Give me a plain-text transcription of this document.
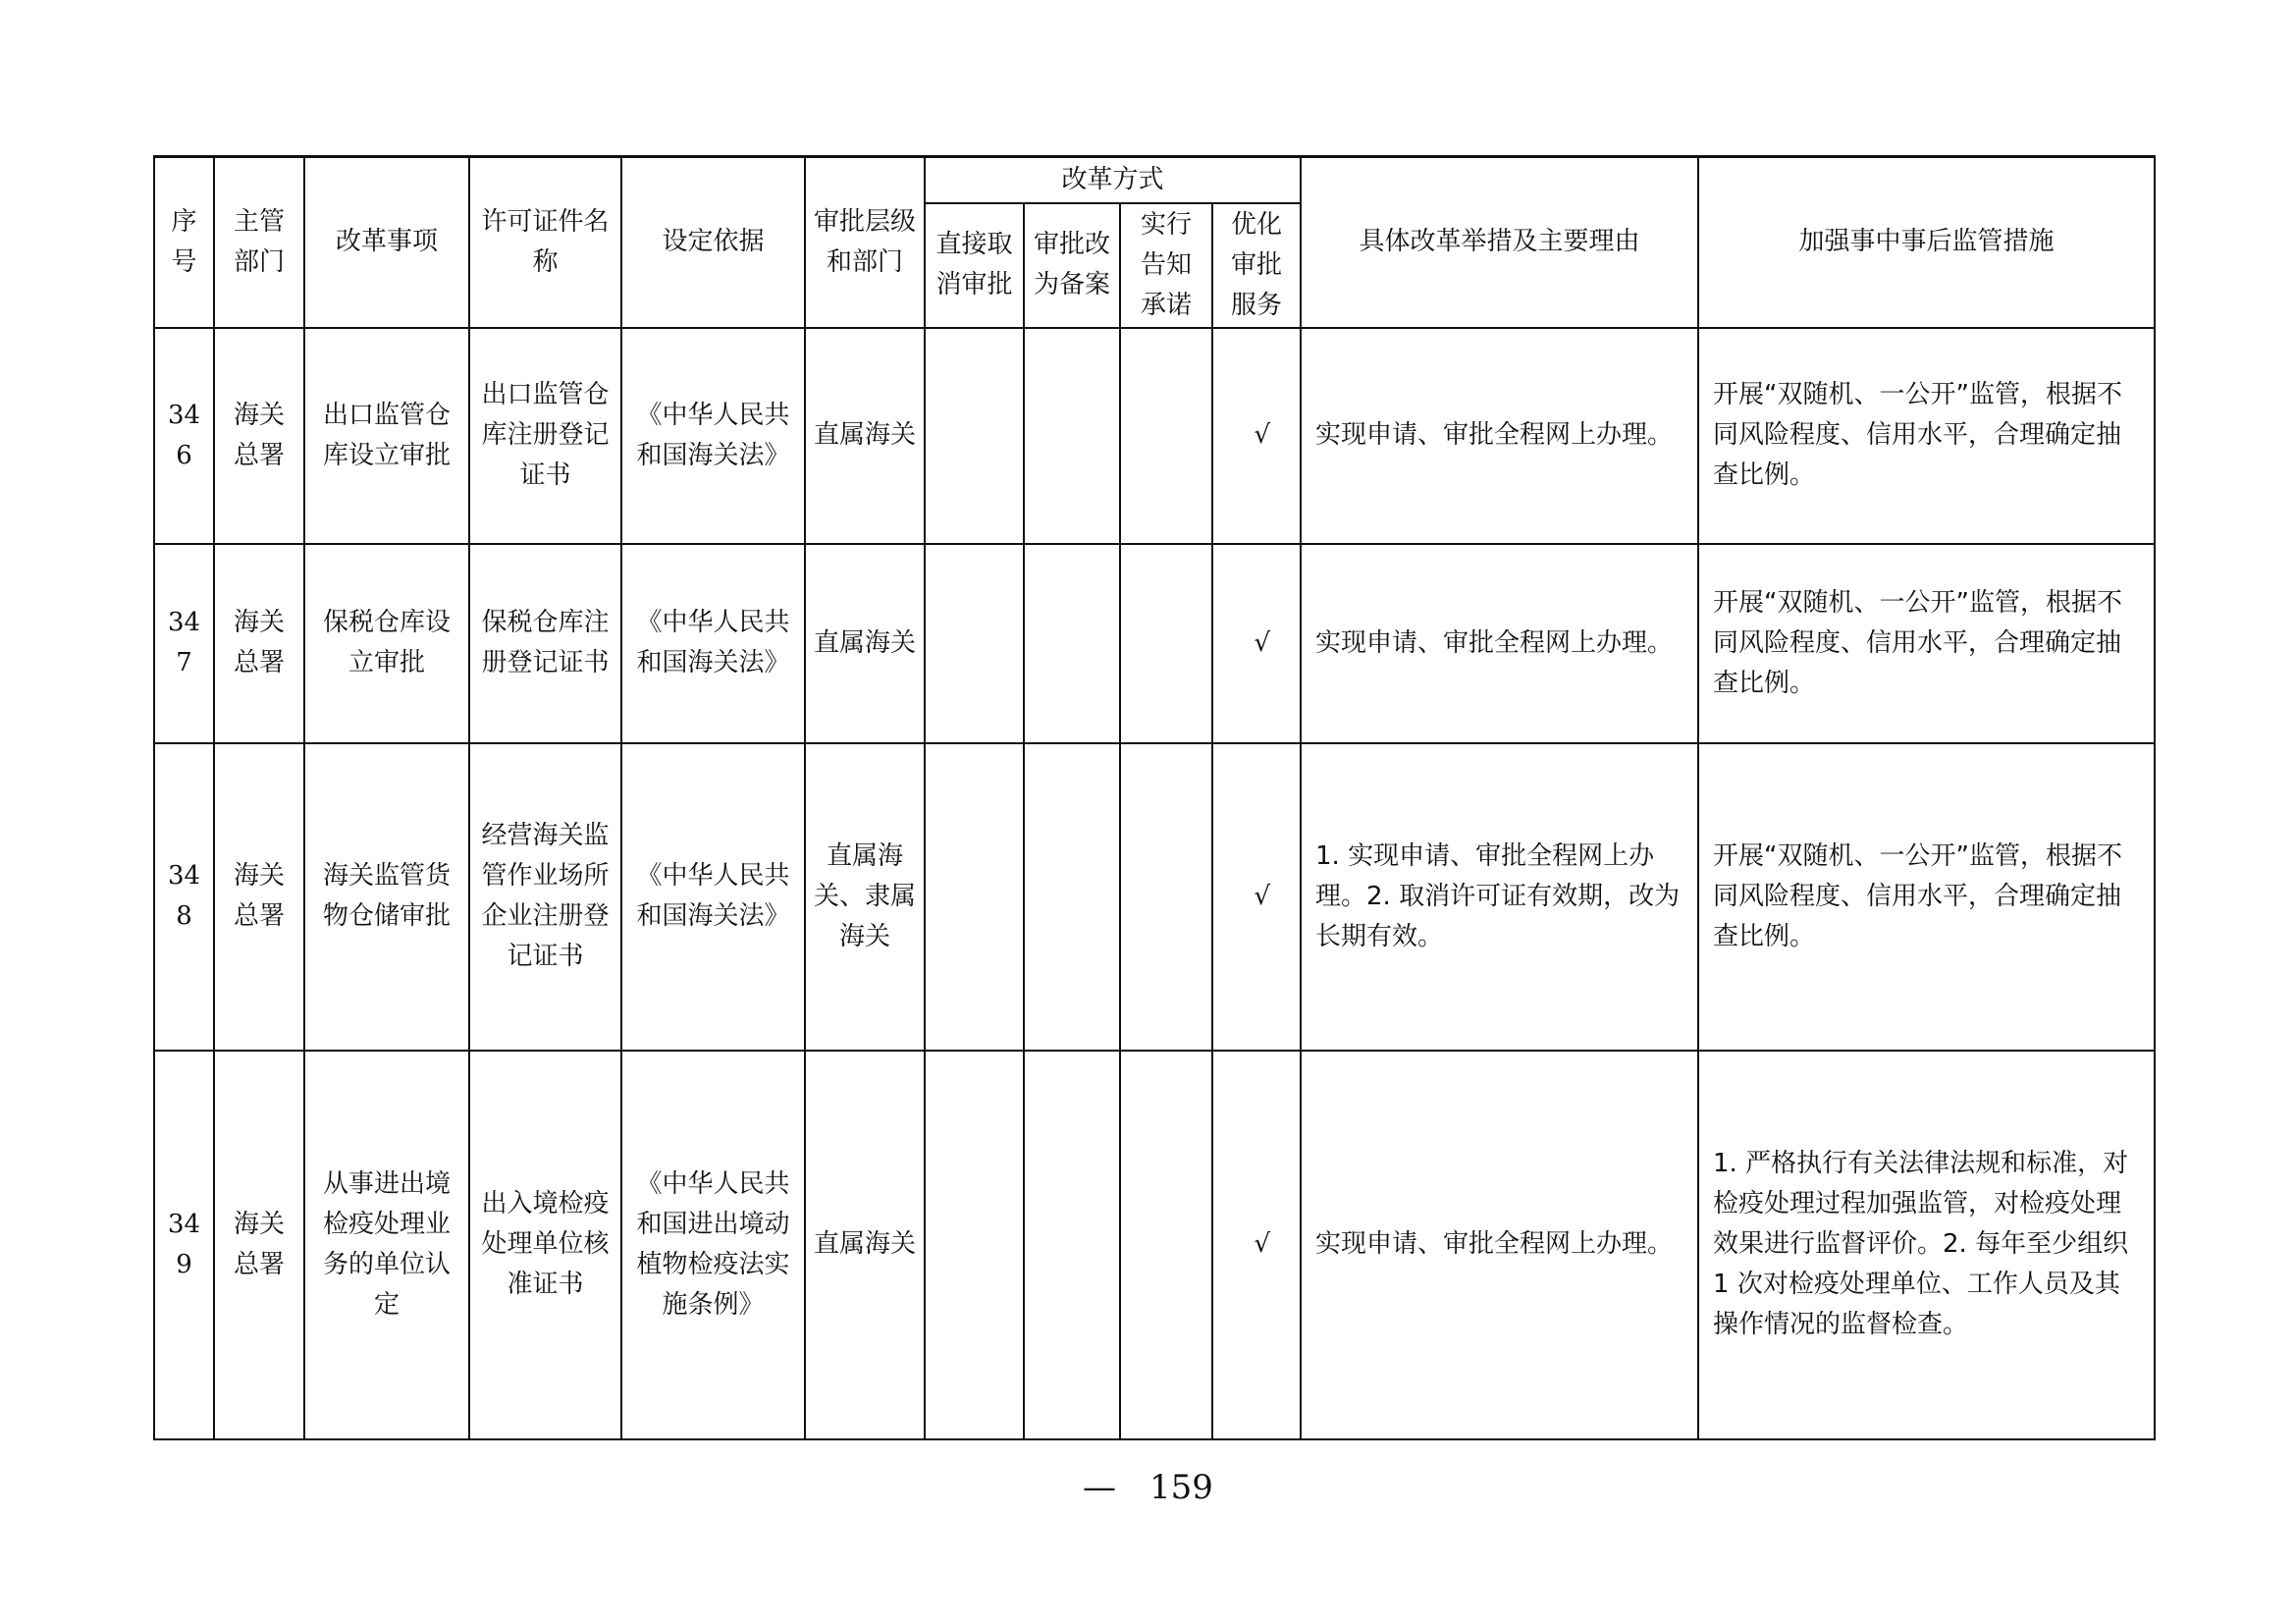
序号	主管部门	改革事项	许可证件名称	设定依据	审批层级和部门	改革方式				具体改革举措及主要理由	加强事中事后监管措施
						直接取消审批	审批改为备案	实行告知承诺	优化审批服务		
346	海关总署	出口监管仓库设立审批	出口监管仓库注册登记证书	《中华人民共和国海关法》	直属海关				√	实现申请、审批全程网上办理。	开展“双随机、一公开”监管，根据不同风险程度、信用水平，合理确定抽查比例。
347	海关总署	保税仓库设立审批	保税仓库注册登记证书	《中华人民共和国海关法》	直属海关				√	实现申请、审批全程网上办理。	开展“双随机、一公开”监管，根据不同风险程度、信用水平，合理确定抽查比例。
348	海关总署	海关监管货物仓储审批	经营海关监管作业场所企业注册登记证书	《中华人民共和国海关法》	直属海关、隶属海关				√	1. 实现申请、审批全程网上办理。2. 取消许可证有效期，改为长期有效。	开展“双随机、一公开”监管，根据不同风险程度、信用水平，合理确定抽查比例。
349	海关总署	从事进出境检疫处理业务的单位认定	出入境检疫处理单位核准证书	《中华人民共和国进出境动植物检疫法实施条例》	直属海关				√	实现申请、审批全程网上办理。	1. 严格执行有关法律法规和标准，对检疫处理过程加强监管，对检疫处理效果进行监督评价。2. 每年至少组织 1 次对检疫处理单位、工作人员及其操作情况的监督检查。
— 159
